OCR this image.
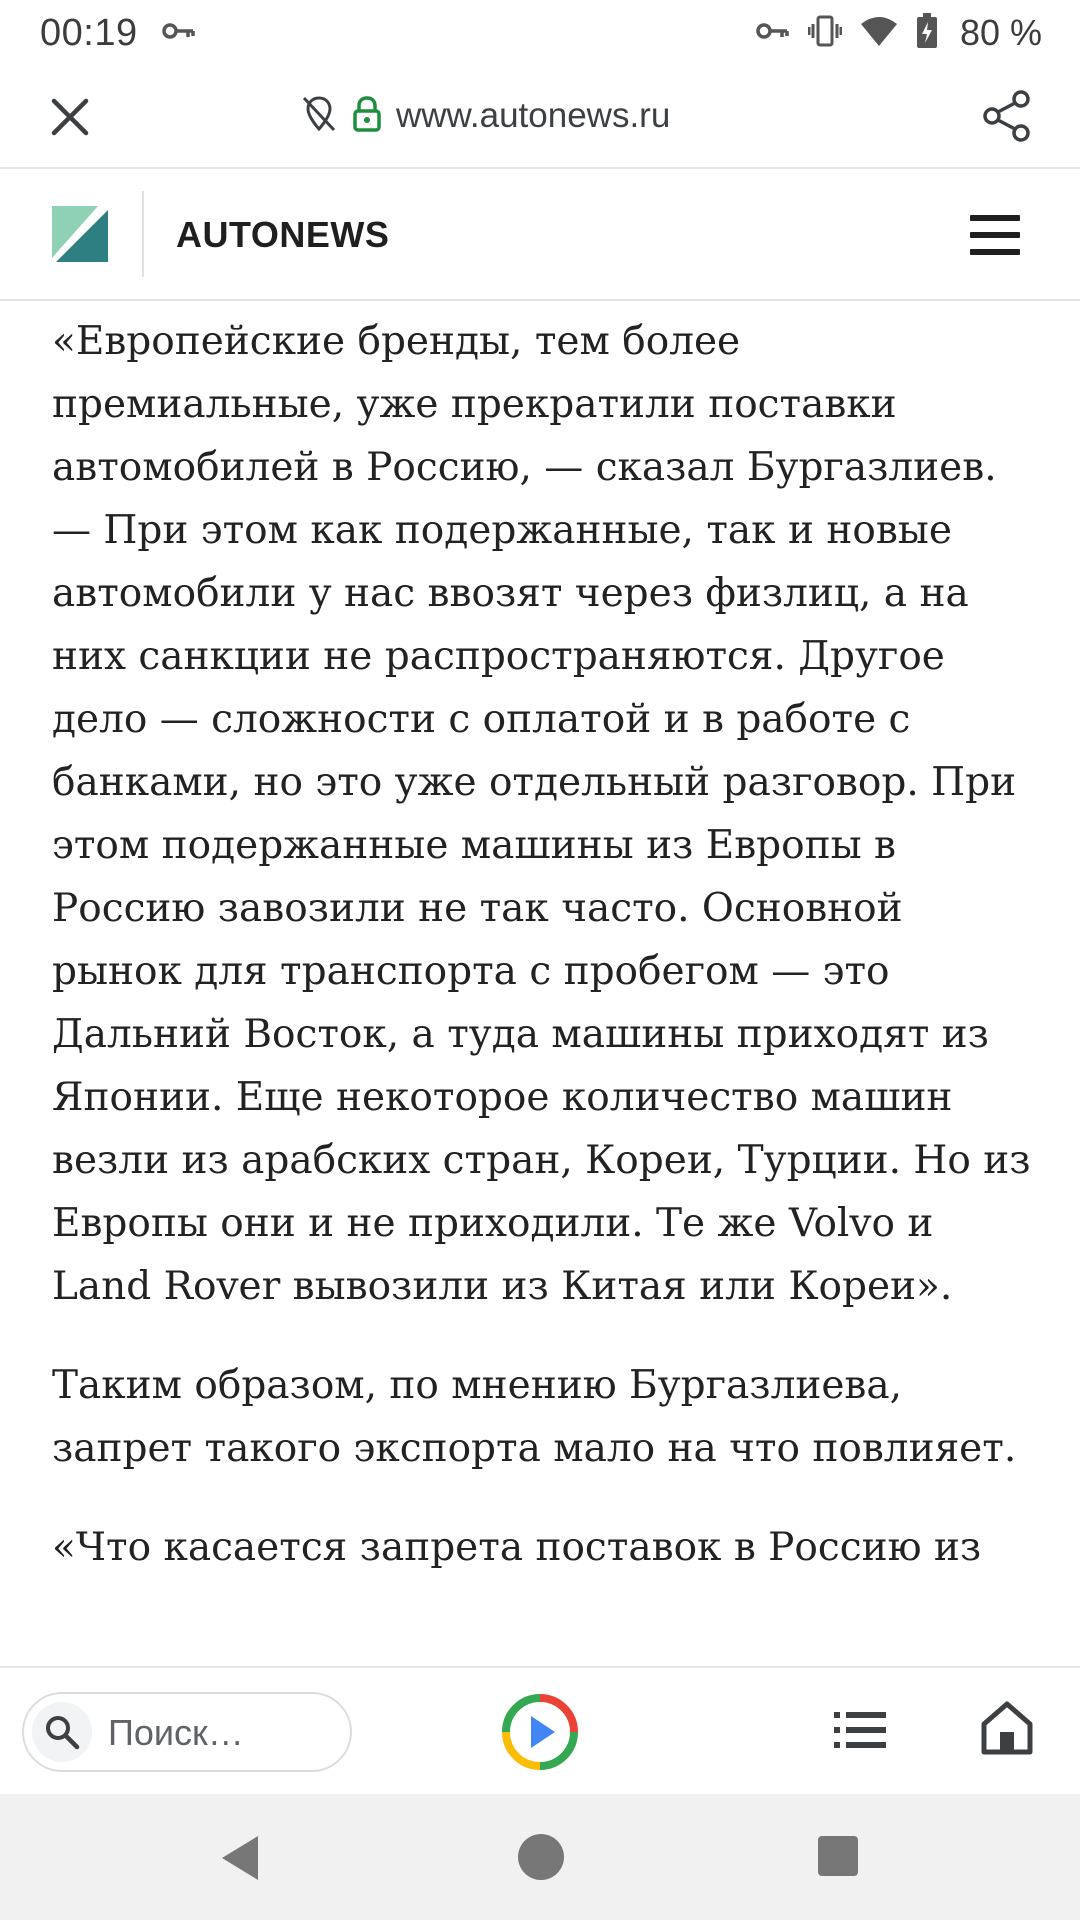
00:19	80 %
www.autonews.ru
AUTONEWS

«Европейские бренды, тем более премиальные, уже прекратили поставки автомобилей в Россию, — сказал Бургазлиев. — При этом как подержанные, так и новые автомобили у нас ввозят через физлиц, а на них санкции не распространяются. Другое дело — сложности с оплатой и в работе с банками, но это уже отдельный разговор. При этом подержанные машины из Европы в Россию завозили не так часто. Основной рынок для транспорта с пробегом — это Дальний Восток, а туда машины приходят из Японии. Еще некоторое количество машин везли из арабских стран, Кореи, Турции. Но из Европы они и не приходили. Те же Volvo и Land Rover вывозили из Китая или Кореи».

Таким образом, по мнению Бургазлиева, запрет такого экспорта мало на что повлияет.

«Что касается запрета поставок в Россию из

Поиск…
